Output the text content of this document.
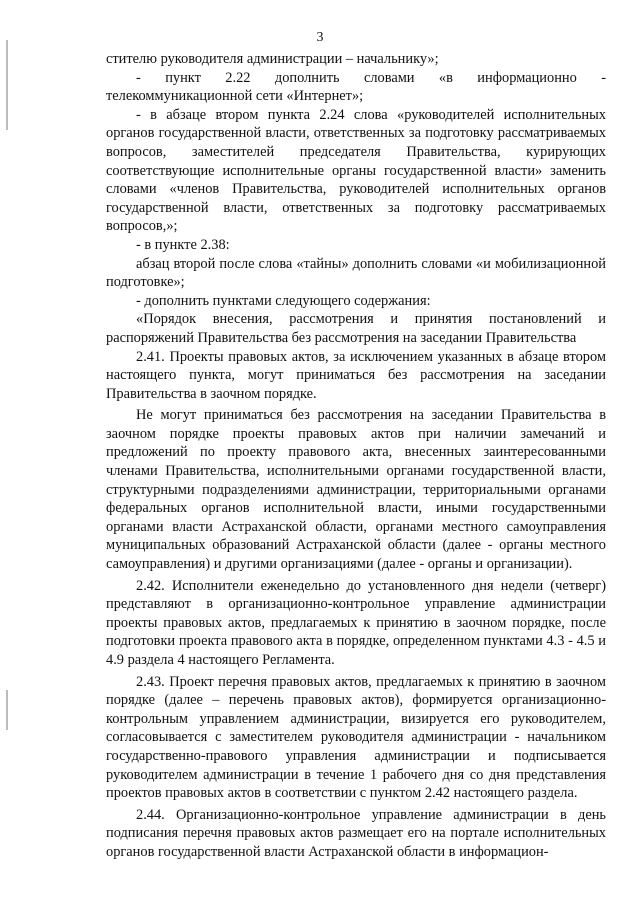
3

стителю руководителя администрации – начальнику»;

- пункт 2.22 дополнить словами «в информационно - телекоммуникационной сети «Интернет»;

- в абзаце втором пункта 2.24 слова «руководителей исполнительных органов государственной власти, ответственных за подготовку рассматриваемых вопросов, заместителей председателя Правительства, курирующих соответствующие исполнительные органы государственной власти» заменить словами «членов Правительства, руководителей исполнительных органов государственной власти, ответственных за подготовку рассматриваемых вопросов,»;

- в пункте 2.38:

абзац второй после слова «тайны» дополнить словами «и мобилизационной подготовке»;

- дополнить пунктами следующего содержания:

«Порядок внесения, рассмотрения и принятия постановлений и распоряжений Правительства без рассмотрения на заседании Правительства

2.41. Проекты правовых актов, за исключением указанных в абзаце втором настоящего пункта, могут приниматься без рассмотрения на заседании Правительства в заочном порядке.

Не могут приниматься без рассмотрения на заседании Правительства в заочном порядке проекты правовых актов при наличии замечаний и предложений по проекту правового акта, внесенных заинтересованными членами Правительства, исполнительными органами государственной власти, структурными подразделениями администрации, территориальными органами федеральных органов исполнительной власти, иными государственными органами власти Астраханской области, органами местного самоуправления муниципальных образований Астраханской области (далее - органы местного самоуправления) и другими организациями (далее - органы и организации).

2.42. Исполнители еженедельно до установленного дня недели (четверг) представляют в организационно-контрольное управление администрации проекты правовых актов, предлагаемых к принятию в заочном порядке, после подготовки проекта правового акта в порядке, определенном пунктами 4.3 - 4.5 и 4.9 раздела 4 настоящего Регламента.

2.43. Проект перечня правовых актов, предлагаемых к принятию в заочном порядке (далее – перечень правовых актов), формируется организационно-контрольным управлением администрации, визируется его руководителем, согласовывается с заместителем руководителя администрации - начальником государственно-правового управления администрации и подписывается руководителем администрации в течение 1 рабочего дня со дня представления проектов правовых актов в соответствии с пунктом 2.42 настоящего раздела.

2.44. Организационно-контрольное управление администрации в день подписания перечня правовых актов размещает его на портале исполнительных органов государственной власти Астраханской области в информацион-
